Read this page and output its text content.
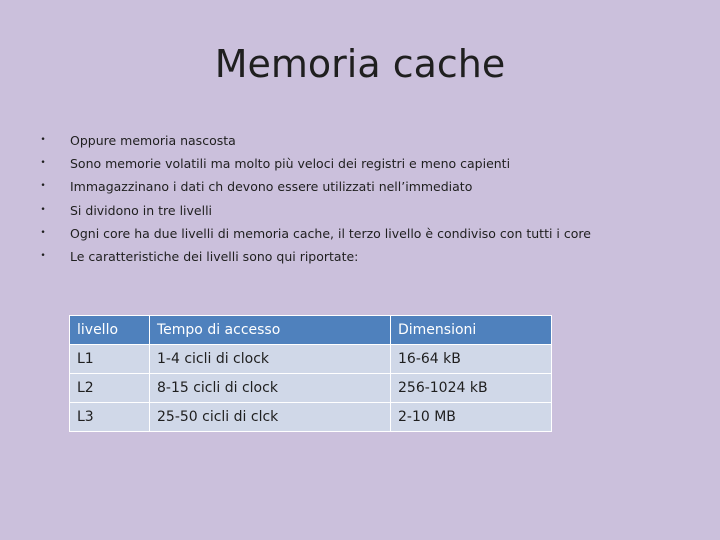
Memoria cache
• Oppure memoria nascosta
• Sono memorie volatili ma molto più veloci dei registri e meno capienti
• Immagazzinano i dati ch devono essere utilizzati nell’immediato
• Si dividono in tre livelli
• Ogni core ha due livelli di memoria cache, il terzo livello è condiviso con tutti i core
• Le caratteristiche dei livelli sono qui riportate:
livello	Tempo di accesso	Dimensioni
L1	1-4 cicli di clock	16-64 kB
L2	8-15 cicli di clock	256-1024 kB
L3	25-50 cicli di clck	2-10 MB
